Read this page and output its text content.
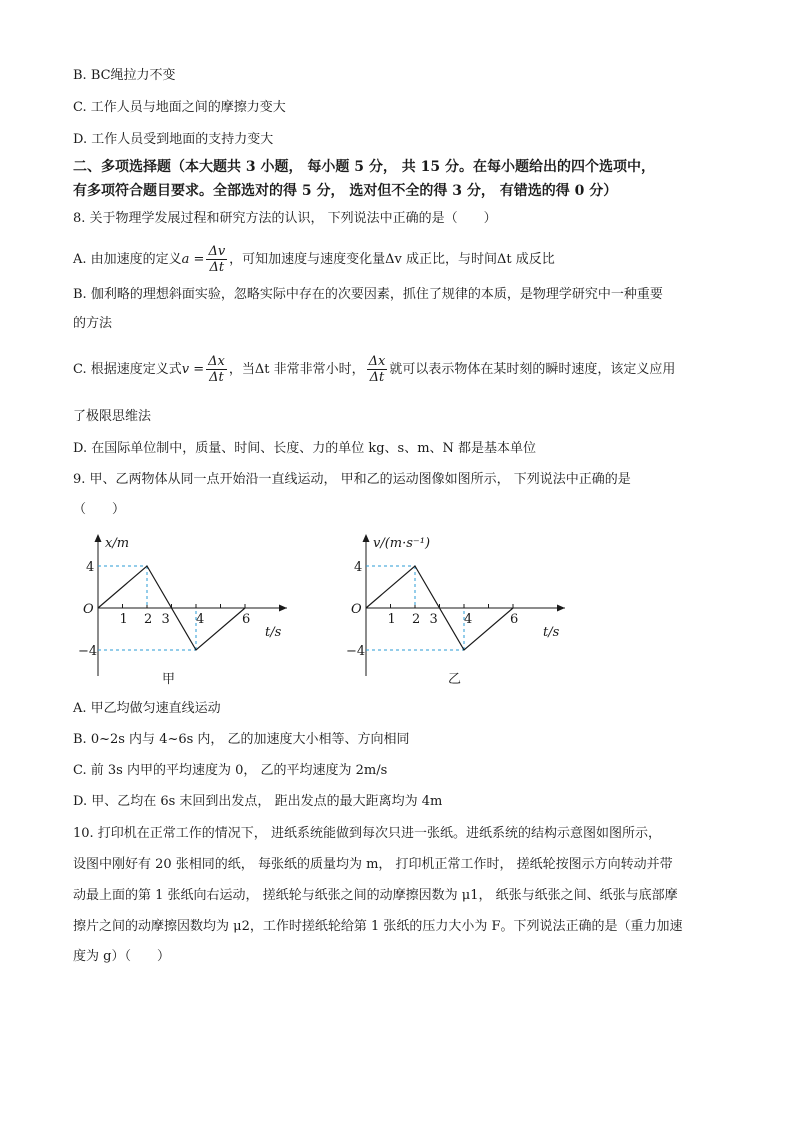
B. BC绳拉力不变
C. 工作人员与地面之间的摩擦力变大
D. 工作人员受到地面的支持力变大
二、多项选择题（本大题共 3 小题， 每小题 5 分， 共 15 分。在每小题给出的四个选项中，
有多项符合题目要求。全部选对的得 5 分， 选对但不全的得 3 分， 有错选的得 0 分）
8. 关于物理学发展过程和研究方法的认识， 下列说法中正确的是（　　）
A. 由加速度的定义$a = \frac{\Delta v}{\Delta t}$ ，可知加速度与速度变化量Δv 成正比，与时间Δt 成反比
B. 伽利略的理想斜面实验，忽略实际中存在的次要因素，抓住了规律的本质，是物理学研究中一种重要
的方法
C. 根据速度定义式$v = \frac{\Delta x}{\Delta t}$ ，当Δt 非常非常小时， $\frac{\Delta x}{\Delta t}$ 就可以表示物体在某时刻的瞬时速度，该定义应用
了极限思维法
D. 在国际单位制中，质量、时间、长度、力的单位 kg、s、m、N 都是基本单位
9. 甲、乙两物体从同一点开始沿一直线运动， 甲和乙的运动图像如图所示， 下列说法中正确的是
（　　）
x/m
t/s
O
1 2 3 4	6
4
−4
甲
v/(m·s⁻¹)
t/s
O
1 2 3 4	6
4
−4
乙
A. 甲乙均做匀速直线运动
B. 0~2s 内与 4~6s 内， 乙的加速度大小相等、方向相同
C. 前 3s 内甲的平均速度为 0， 乙的平均速度为 2m/s
D. 甲、乙均在 6s 末回到出发点， 距出发点的最大距离均为 4m
10. 打印机在正常工作的情况下， 进纸系统能做到每次只进一张纸。进纸系统的结构示意图如图所示，
设图中刚好有 20 张相同的纸， 每张纸的质量均为 m， 打印机正常工作时， 搓纸轮按图示方向转动并带
动最上面的第 1 张纸向右运动， 搓纸轮与纸张之间的动摩擦因数为 μ1， 纸张与纸张之间、纸张与底部摩
擦片之间的动摩擦因数均为 μ2，工作时搓纸轮给第 1 张纸的压力大小为 F。下列说法正确的是（重力加速
度为 g）（　　）
